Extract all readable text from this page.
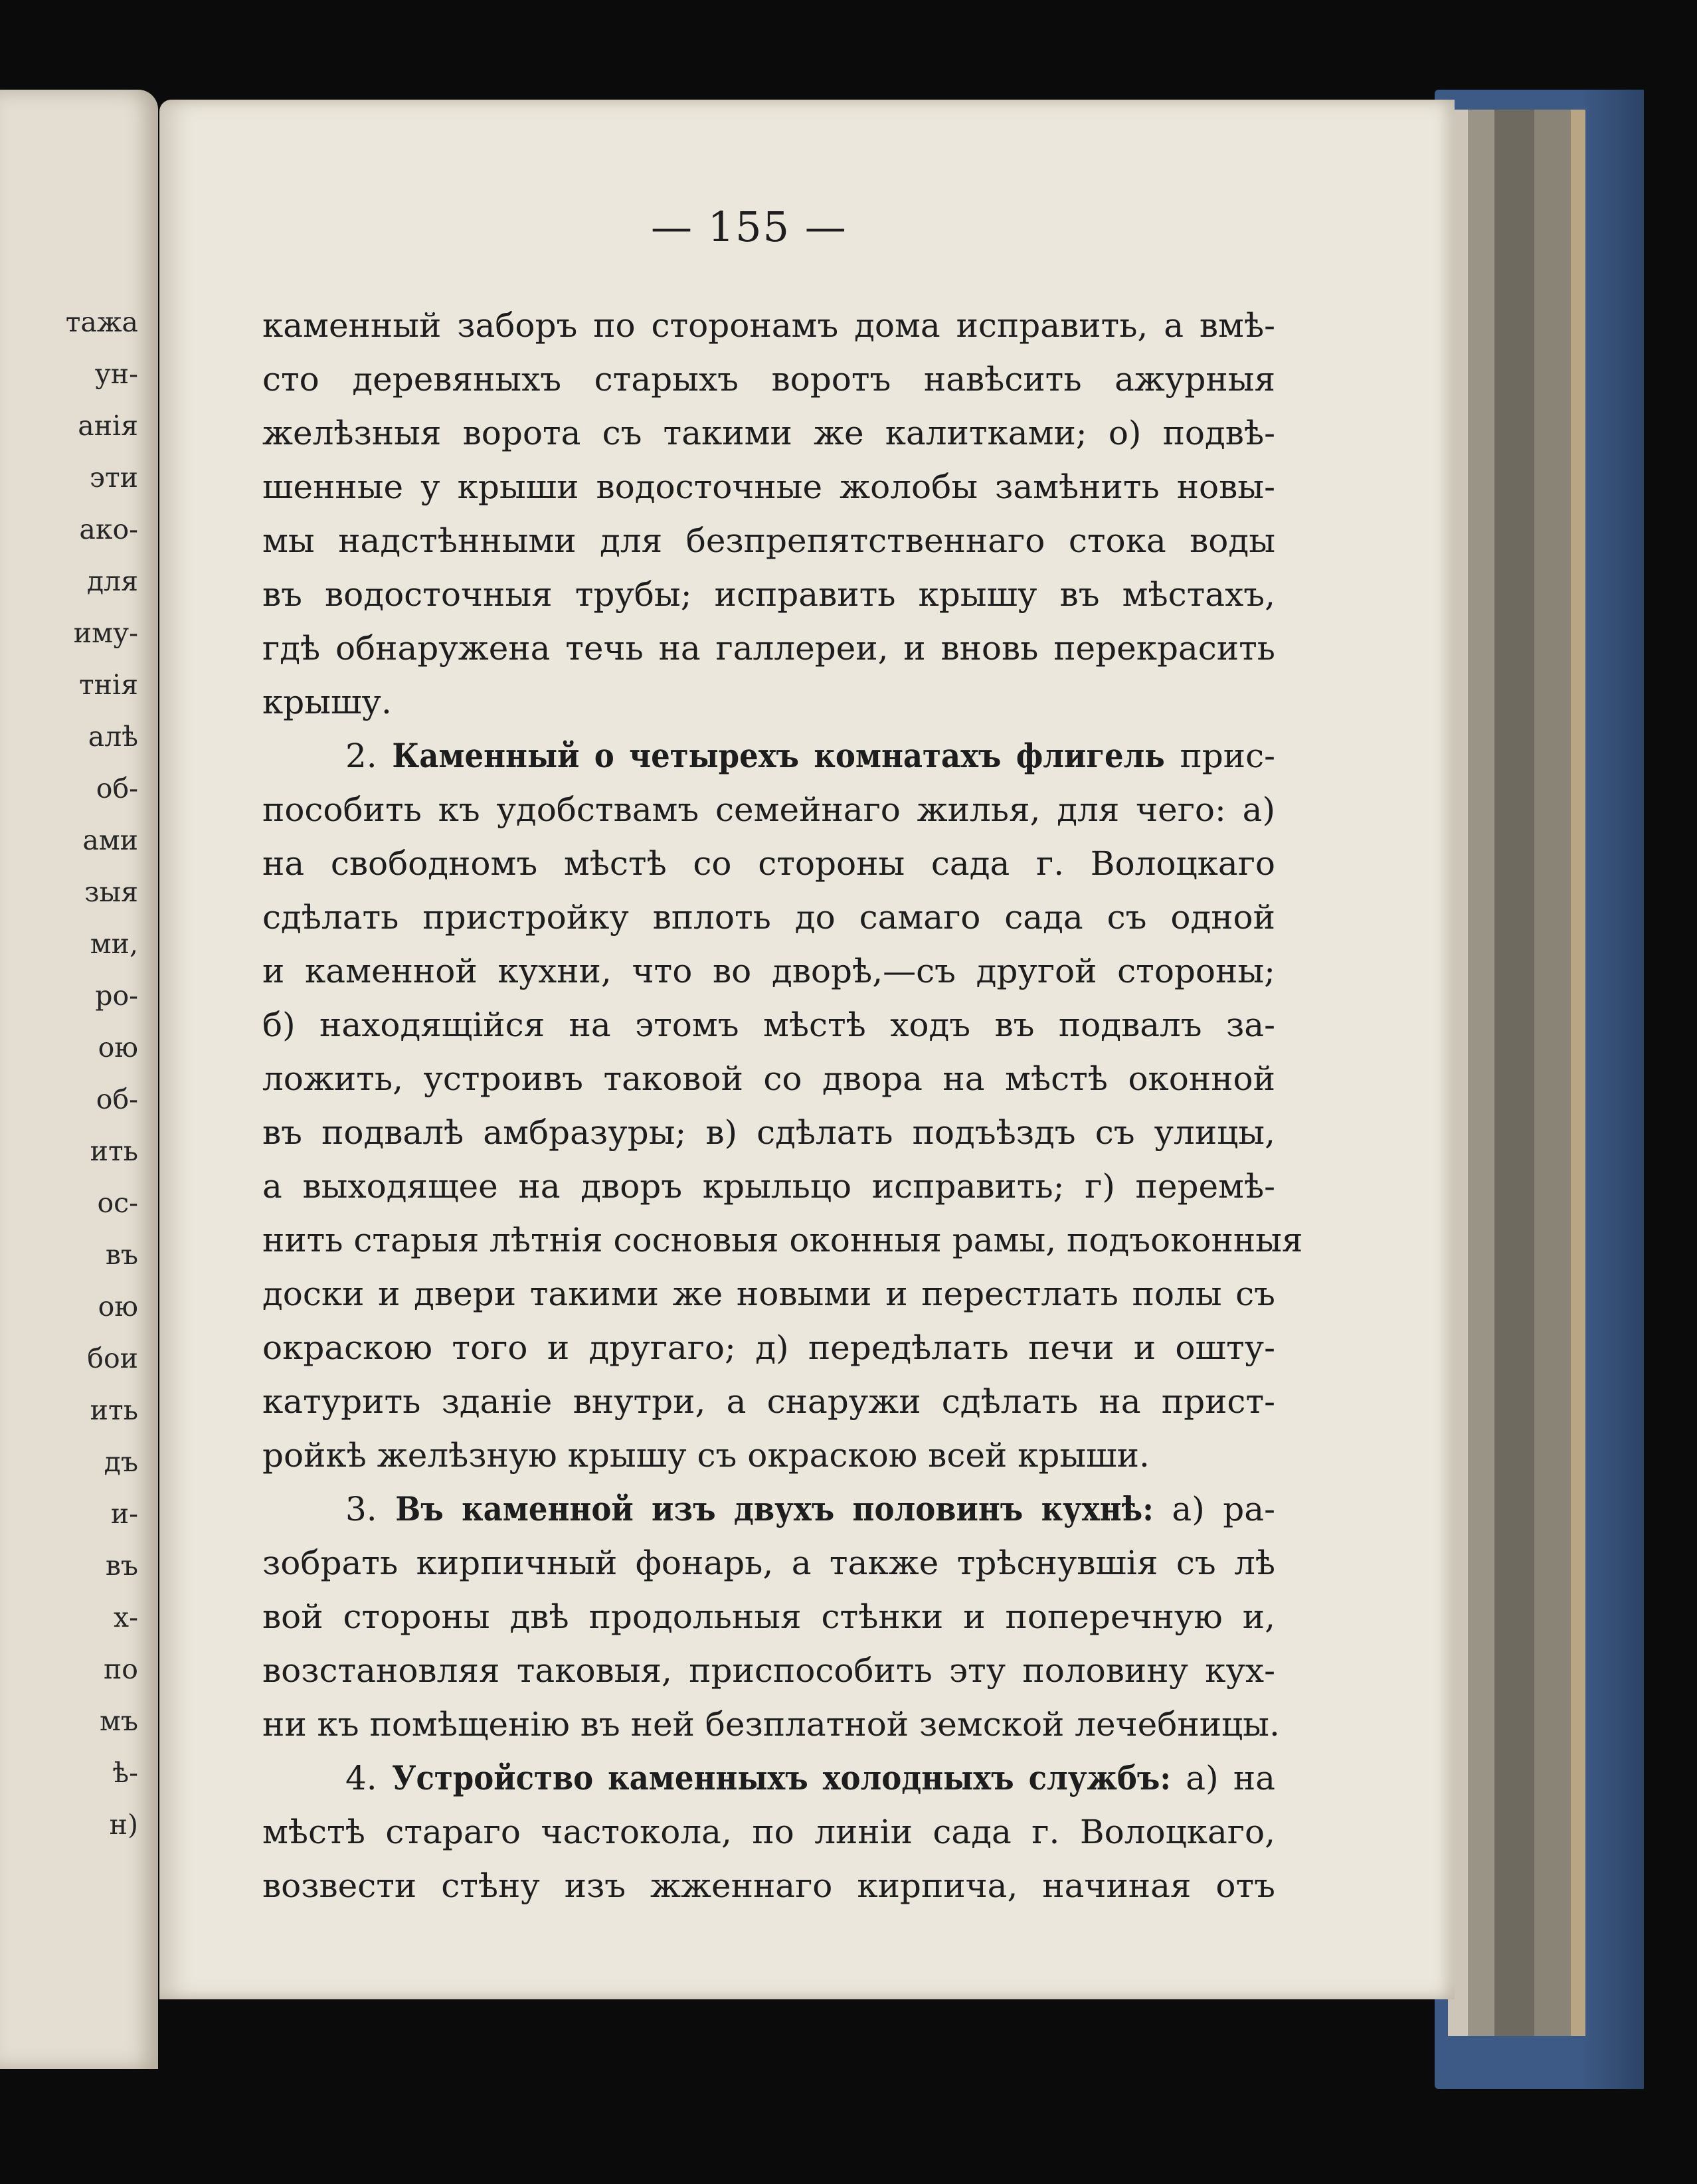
тажа
ун-
анія
эти
ако-
для
иму-
тнія
алѣ
об-
ами
зыя
ми,
ро-
ою
об-
ить
ос-
въ
ою
бои
ить
дъ
и-
въ
х-
по
мъ
ѣ-
н)
— 155 —
каменный заборъ по сторонамъ дома исправить, а вмѣ-
сто деревяныхъ старыхъ воротъ навѣсить ажурныя
желѣзныя ворота съ такими же калитками; о) подвѣ-
шенные у крыши водосточные жолобы замѣнить новы-
мы надстѣнными для безпрепятственнаго стока воды
въ водосточныя трубы; исправить крышу въ мѣстахъ,
гдѣ обнаружена течь на галлереи, и вновь перекрасить
крышу.
2. Каменный о четырехъ комнатахъ флигель прис-
пособить къ удобствамъ семейнаго жилья, для чего: а)
на свободномъ мѣстѣ со стороны сада г. Волоцкаго
сдѣлать пристройку вплоть до самаго сада съ одной
и каменной кухни, что во дворѣ,—съ другой стороны;
б) находящійся на этомъ мѣстѣ ходъ въ подвалъ за-
ложить, устроивъ таковой со двора на мѣстѣ оконной
въ подвалѣ амбразуры; в) сдѣлать подъѣздъ съ улицы,
а выходящее на дворъ крыльцо исправить; г) перемѣ-
нить старыя лѣтнія сосновыя оконныя рамы, подъоконныя
доски и двери такими же новыми и перестлать полы съ
окраскою того и другаго; д) передѣлать печи и ошту-
катурить зданіе внутри, а снаружи сдѣлать на прист-
ройкѣ желѣзную крышу съ окраскою всей крыши.
3. Въ каменной изъ двухъ половинъ кухнѣ: а) ра-
зобрать кирпичный фонарь, а также трѣснувшія съ лѣ
вой стороны двѣ продольныя стѣнки и поперечную и,
возстановляя таковыя, приспособить эту половину кух-
ни къ помѣщенію въ ней безплатной земской лечебницы.
4. Устройство каменныхъ холодныхъ службъ: а) на
мѣстѣ стараго частокола, по линіи сада г. Волоцкаго,
возвести стѣну изъ жженнаго кирпича, начиная отъ
